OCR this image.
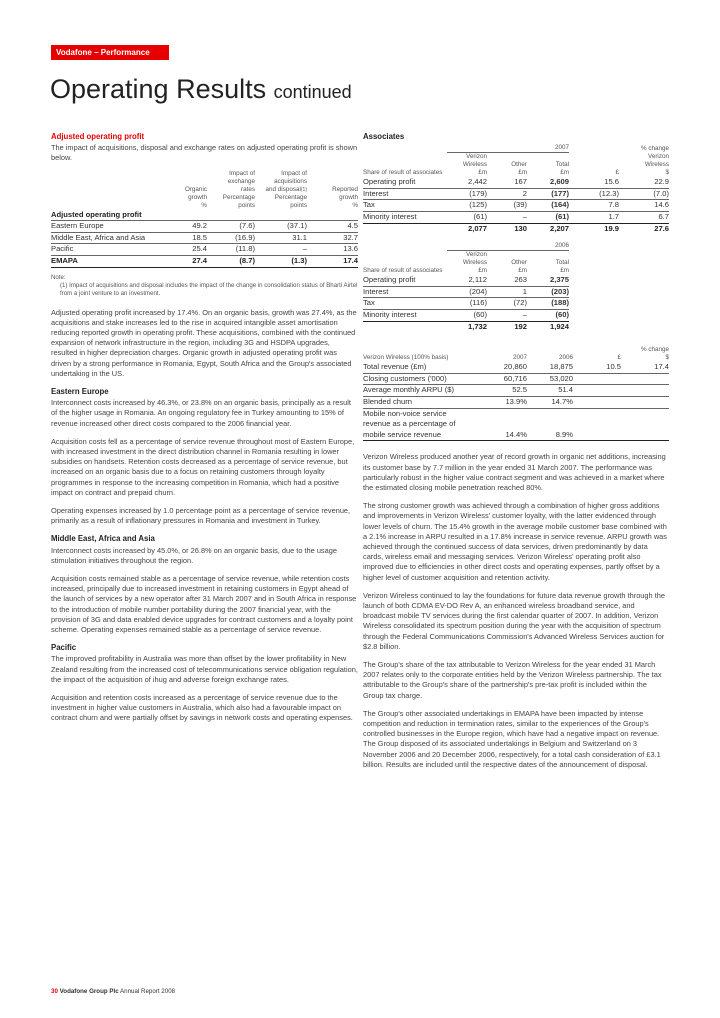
Vodafone – Performance
Operating Results continued
Adjusted operating profit

The impact of acquisitions, disposal and exchange rates on adjusted operating profit is shown below.

		Impact of	Impact of	
		exchange	acquisitions	
	Organic	rates	and disposal$^{(1)}$	Reported
	growth	Percentage	Percentage	growth
	%	points	points	%
Adjusted operating profit				
Eastern Europe	49.2	(7.6)	(37.1)	4.5
Middle East, Africa and Asia	18.5	(16.9)	31.1	32.7
Pacific	25.4	(11.8)	–	13.6
EMAPA	27.4	(8.7)	(1.3)	17.4
Note:

(1) Impact of acquisitions and disposal includes the impact of the change in consolidation status of Bharti Airtel from a joint venture to an investment.

Adjusted operating profit increased by 17.4%. On an organic basis, growth was 27.4%, as the acquisitions and stake increases led to the rise in acquired intangible asset amortisation reducing reported growth in operating profit. These acquisitions, combined with the continued expansion of network infrastructure in the region, including 3G and HSDPA upgrades, resulted in higher depreciation charges. Organic growth in adjusted operating profit was driven by a strong performance in Romania, Egypt, South Africa and the Group's associated undertaking in the US.

Eastern Europe

Interconnect costs increased by 46.3%, or 23.8% on an organic basis, principally as a result of the higher usage in Romania. An ongoing regulatory fee in Turkey amounting to 15% of revenue increased other direct costs compared to the 2006 financial year.

Acquisition costs fell as a percentage of service revenue throughout most of Eastern Europe, with increased investment in the direct distribution channel in Romania resulting in lower subsidies on handsets. Retention costs decreased as a percentage of service revenue, but increased on an organic basis due to a focus on retaining customers through loyalty programmes in response to the increasing competition in Romania, which had a positive impact on contract and prepaid churn.

Operating expenses increased by 1.0 percentage point as a percentage of service revenue, primarily as a result of inflationary pressures in Romania and investment in Turkey.

Middle East, Africa and Asia

Interconnect costs increased by 45.0%, or 26.8% on an organic basis, due to the usage stimulation initiatives throughout the region.

Acquisition costs remained stable as a percentage of service revenue, while retention costs increased, principally due to increased investment in retaining customers in Egypt ahead of the launch of services by a new operator after 31 March 2007 and in South Africa in response to the introduction of mobile number portability during the 2007 financial year, with the provision of 3G and data enabled device upgrades for contract customers and a loyalty point scheme. Operating expenses remained stable as a percentage of service revenue.

Pacific

The improved profitability in Australia was more than offset by the lower profitability in New Zealand resulting from the increased cost of telecommunications service obligation regulation, the impact of the acquisition of ihug and adverse foreign exchange rates.

Acquisition and retention costs increased as a percentage of service revenue due to the investment in higher value customers in Australia, which also had a favourable impact on contract churn and were partially offset by savings in network costs and operating expenses.

Associates
	2007			% change	
	Verizon				Verizon
	Wireless	Other	Total		Wireless
Share of result of associates	£m	£m	£m	£	$
Operating profit	2,442	167	2,609	15.6	22.9
Interest	(179)	2	(177)	(12.3)	(7.0)
Tax	(125)	(39)	(164)	7.8	14.6
Minority interest	(61)	–	(61)	1.7	6.7
	2,077	130	2,207	19.9	27.6
	2006		
	Verizon		
	Wireless	Other	Total
Share of result of associates	£m	£m	£m
Operating profit	2,112	263	2,375
Interest	(204)	1	(203)
Tax	(116)	(72)	(188)
Minority interest	(60)	–	(60)
	1,732	192	1,924
			% change	
Verizon Wireless (100% basis)	2007	2006	£	$
Total revenue (£m)	20,860	18,875	10.5	17.4
Closing customers ('000)	60,716	53,020		
Average monthly ARPU ($)	52.5	51.4		
Blended churn	13.9%	14.7%		
Mobile non-voice service				
revenue as a percentage of				
mobile service revenue	14.4%	8.9%		

Verizon Wireless produced another year of record growth in organic net additions, increasing its customer base by 7.7 million in the year ended 31 March 2007. The performance was particularly robust in the higher value contract segment and was achieved in a market where the estimated closing mobile penetration reached 80%.

The strong customer growth was achieved through a combination of higher gross additions and improvements in Verizon Wireless' customer loyalty, with the latter evidenced through lower levels of churn. The 15.4% growth in the average mobile customer base combined with a 2.1% increase in ARPU resulted in a 17.8% increase in service revenue. ARPU growth was achieved through the continued success of data services, driven predominantly by data cards, wireless email and messaging services. Verizon Wireless' operating profit also improved due to efficiencies in other direct costs and operating expenses, partly offset by a higher level of customer acquisition and retention activity.

Verizon Wireless continued to lay the foundations for future data revenue growth through the launch of both CDMA EV-DO Rev A, an enhanced wireless broadband service, and broadcast mobile TV services during the first calendar quarter of 2007. In addition, Verizon Wireless consolidated its spectrum position during the year with the acquisition of spectrum through the Federal Communications Commission's Advanced Wireless Services auction for $2.8 billion.

The Group's share of the tax attributable to Verizon Wireless for the year ended 31 March 2007 relates only to the corporate entities held by the Verizon Wireless partnership. The tax attributable to the Group's share of the partnership's pre-tax profit is included within the Group tax charge.

The Group's other associated undertakings in EMAPA have been impacted by intense competition and reduction in termination rates, similar to the experiences of the Group's controlled businesses in the Europe region, which have had a negative impact on revenue. The Group disposed of its associated undertakings in Belgium and Switzerland on 3 November 2006 and 20 December 2006, respectively, for a total cash consideration of £3.1 billion. Results are included until the respective dates of the announcement of disposal.

30 Vodafone Group Plc Annual Report 2008
